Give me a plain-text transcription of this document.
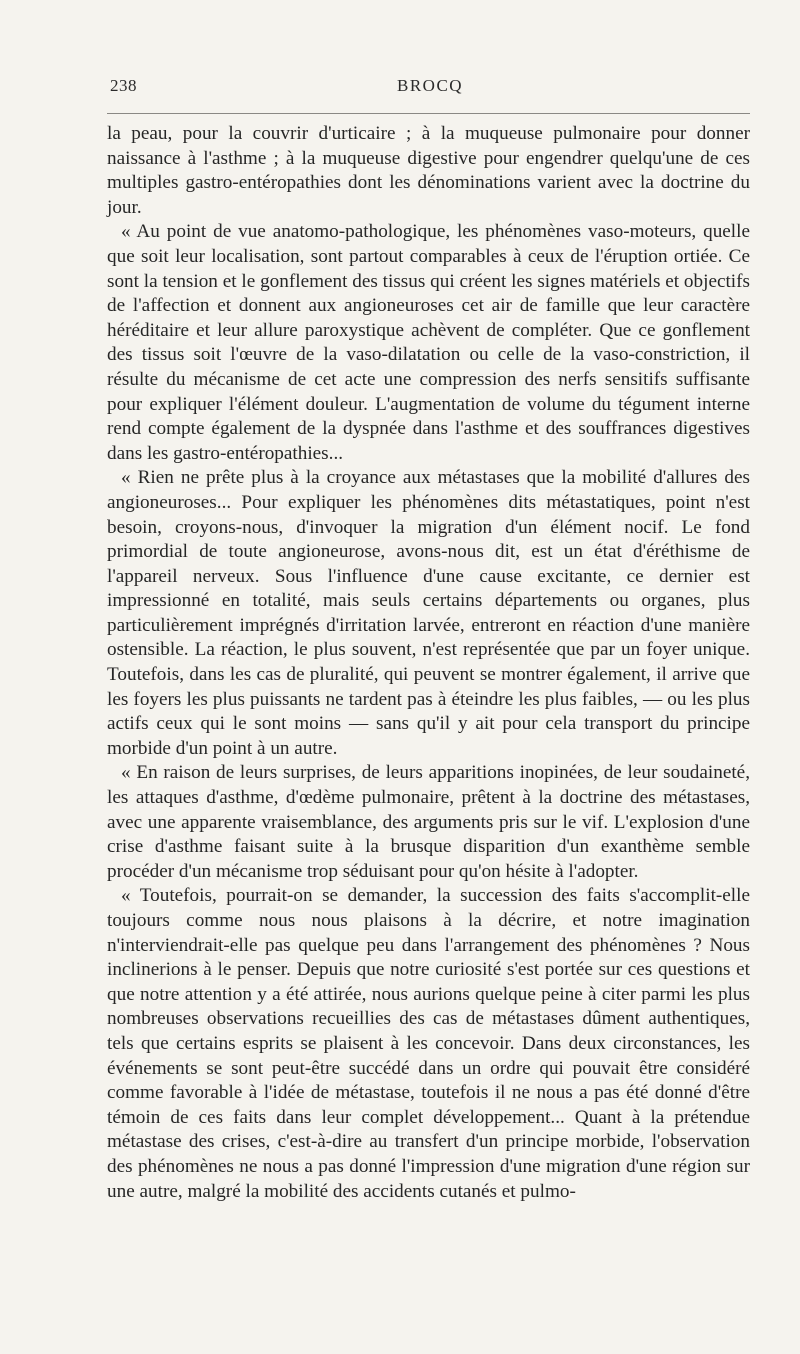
238	BROCQ

la peau, pour la couvrir d'urticaire ; à la muqueuse pulmonaire pour donner naissance à l'asthme ; à la muqueuse digestive pour engendrer quelqu'une de ces multiples gastro-entéropathies dont les dénominations varient avec la doctrine du jour.

« Au point de vue anatomo-pathologique, les phénomènes vaso-moteurs, quelle que soit leur localisation, sont partout comparables à ceux de l'éruption ortiée. Ce sont la tension et le gonflement des tissus qui créent les signes matériels et objectifs de l'affection et donnent aux angioneuroses cet air de famille que leur caractère héréditaire et leur allure paroxystique achèvent de compléter. Que ce gonflement des tissus soit l'œuvre de la vaso-dilatation ou celle de la vaso-constriction, il résulte du mécanisme de cet acte une compression des nerfs sensitifs suffisante pour expliquer l'élément douleur. L'augmentation de volume du tégument interne rend compte également de la dyspnée dans l'asthme et des souffrances digestives dans les gastro-entéropathies...

« Rien ne prête plus à la croyance aux métastases que la mobilité d'allures des angioneuroses... Pour expliquer les phénomènes dits métastatiques, point n'est besoin, croyons-nous, d'invoquer la migration d'un élément nocif. Le fond primordial de toute angioneurose, avons-nous dit, est un état d'éréthisme de l'appareil nerveux. Sous l'influence d'une cause excitante, ce dernier est impressionné en totalité, mais seuls certains départements ou organes, plus particulièrement imprégnés d'irritation larvée, entreront en réaction d'une manière ostensible. La réaction, le plus souvent, n'est représentée que par un foyer unique. Toutefois, dans les cas de pluralité, qui peuvent se montrer également, il arrive que les foyers les plus puissants ne tardent pas à éteindre les plus faibles, — ou les plus actifs ceux qui le sont moins — sans qu'il y ait pour cela transport du principe morbide d'un point à un autre.

« En raison de leurs surprises, de leurs apparitions inopinées, de leur soudaineté, les attaques d'asthme, d'œdème pulmonaire, prêtent à la doctrine des métastases, avec une apparente vraisemblance, des arguments pris sur le vif. L'explosion d'une crise d'asthme faisant suite à la brusque disparition d'un exanthème semble procéder d'un mécanisme trop séduisant pour qu'on hésite à l'adopter.

« Toutefois, pourrait-on se demander, la succession des faits s'accomplit-elle toujours comme nous nous plaisons à la décrire, et notre imagination n'interviendrait-elle pas quelque peu dans l'arrangement des phénomènes ? Nous inclinerions à le penser. Depuis que notre curiosité s'est portée sur ces questions et que notre attention y a été attirée, nous aurions quelque peine à citer parmi les plus nombreuses observations recueillies des cas de métastases dûment authentiques, tels que certains esprits se plaisent à les concevoir. Dans deux circonstances, les événements se sont peut-être succédé dans un ordre qui pouvait être considéré comme favorable à l'idée de métastase, toutefois il ne nous a pas été donné d'être témoin de ces faits dans leur complet développement... Quant à la prétendue métastase des crises, c'est-à-dire au transfert d'un principe morbide, l'observation des phénomènes ne nous a pas donné l'impression d'une migration d'une région sur une autre, malgré la mobilité des accidents cutanés et pulmo-
